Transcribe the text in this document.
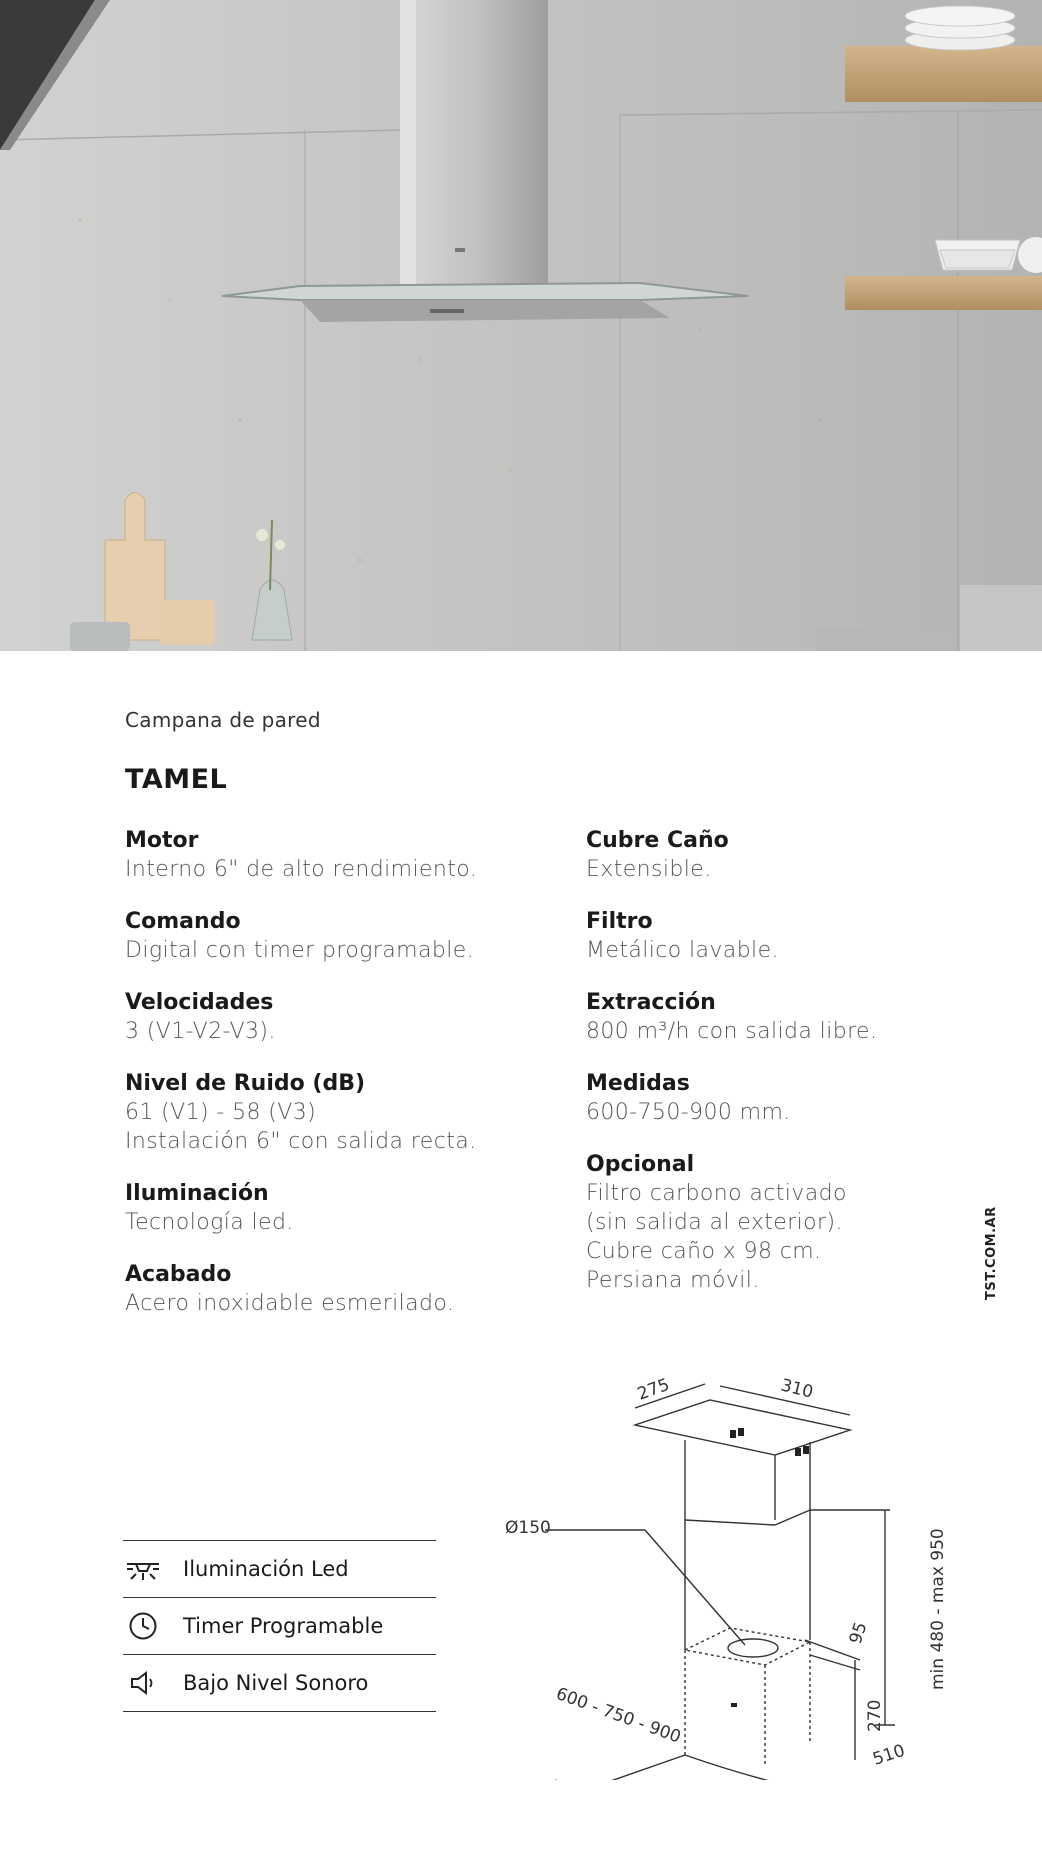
Campana de pared
TAMEL
Motor
Interno 6" de alto rendimiento.
Comando
Digital con timer programable.
Velocidades
3 (V1-V2-V3).
Nivel de Ruido (dB)
61 (V1) - 58 (V3)
Instalación 6" con salida recta.
Iluminación
Tecnología led.
Acabado
Acero inoxidable esmerilado.
Cubre Caño
Extensible.
Filtro
Metálico lavable.
Extracción
800 m³/h con salida libre.
Medidas
600-750-900 mm.
Opcional
Filtro carbono activado
(sin salida al exterior).
Cubre caño x 98 cm.
Persiana móvil.	TST.COM.AR
Iluminación Led
Timer Programable
Bajo Nivel Sonoro
275	310
Ø150
95
270
min 480 - max 950
600 - 750 - 900
510
